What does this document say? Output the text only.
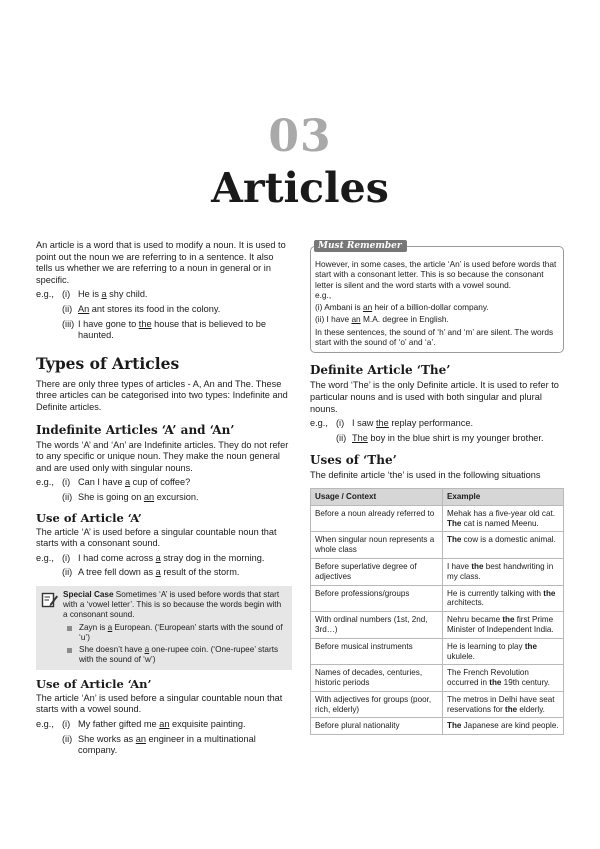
03
Articles

An article is a word that is used to modify a noun. It is used to point out the noun we are referring to in a sentence. It also tells us whether we are referring to a noun in general or in specific.

e.g., (i) He is a shy child.
(ii) An ant stores its food in the colony.
(iii) I have gone to the house that is believed to be haunted.
Types of Articles

There are only three types of articles - A, An and The. These three articles can be categorised into two types: Indefinite and Definite articles.

Indefinite Articles ‘A’ and ‘An’

The words ‘A’ and ‘An’ are Indefinite articles. They do not refer to any specific or unique noun. They make the noun general and are used only with singular nouns.

e.g., (i) Can I have a cup of coffee?
(ii) She is going on an excursion.
Use of Article ‘A’

The article ‘A’ is used before a singular countable noun that starts with a consonant sound.

e.g., (i) I had come across a stray dog in the morning.
(ii) A tree fell down as a result of the storm.
Special Case Sometimes ‘A’ is used before words that start with a ‘vowel letter’. This is so because the words begin with a consonant sound.
Zayn is a European. (‘European’ starts with the sound of ‘u’)
She doesn’t have a one-rupee coin. (‘One-rupee’ starts with the sound of ‘w’)
Use of Article ‘An’

The article ‘An’ is used before a singular countable noun that starts with a vowel sound.

e.g., (i) My father gifted me an exquisite painting.
(ii) She works as an engineer in a multinational company.
Must Remember

However, in some cases, the article ‘An’ is used before words that start with a consonant letter. This is so because the consonant letter is silent and the word starts with a vowel sound.

e.g.,

(i) Ambani is an heir of a billion-dollar company.

(ii) I have an M.A. degree in English.

In these sentences, the sound of ‘h’ and ‘m’ are silent. The words start with the sound of ‘o’ and ‘a’.

Definite Article ‘The’

The word ‘The’ is the only Definite article. It is used to refer to particular nouns and is used with both singular and plural nouns.

e.g., (i) I saw the replay performance.
(ii) The boy in the blue shirt is my younger brother.
Uses of ‘The’

The definite article ‘the’ is used in the following situations

Usage / Context	Example
Before a noun already referred to	Mehak has a five-year old cat. The cat is named Meenu.
When singular noun represents a whole class	The cow is a domestic animal.
Before superlative degree of adjectives	I have the best handwriting in my class.
Before professions/groups	He is currently talking with the architects.
With ordinal numbers (1st, 2nd, 3rd…)	Nehru became the first Prime Minister of Independent India.
Before musical instruments	He is learning to play the ukulele.
Names of decades, centuries, historic periods	The French Revolution occurred in the 19th century.
With adjectives for groups (poor, rich, elderly)	The metros in Delhi have seat reservations for the elderly.
Before plural nationality	The Japanese are kind people.
